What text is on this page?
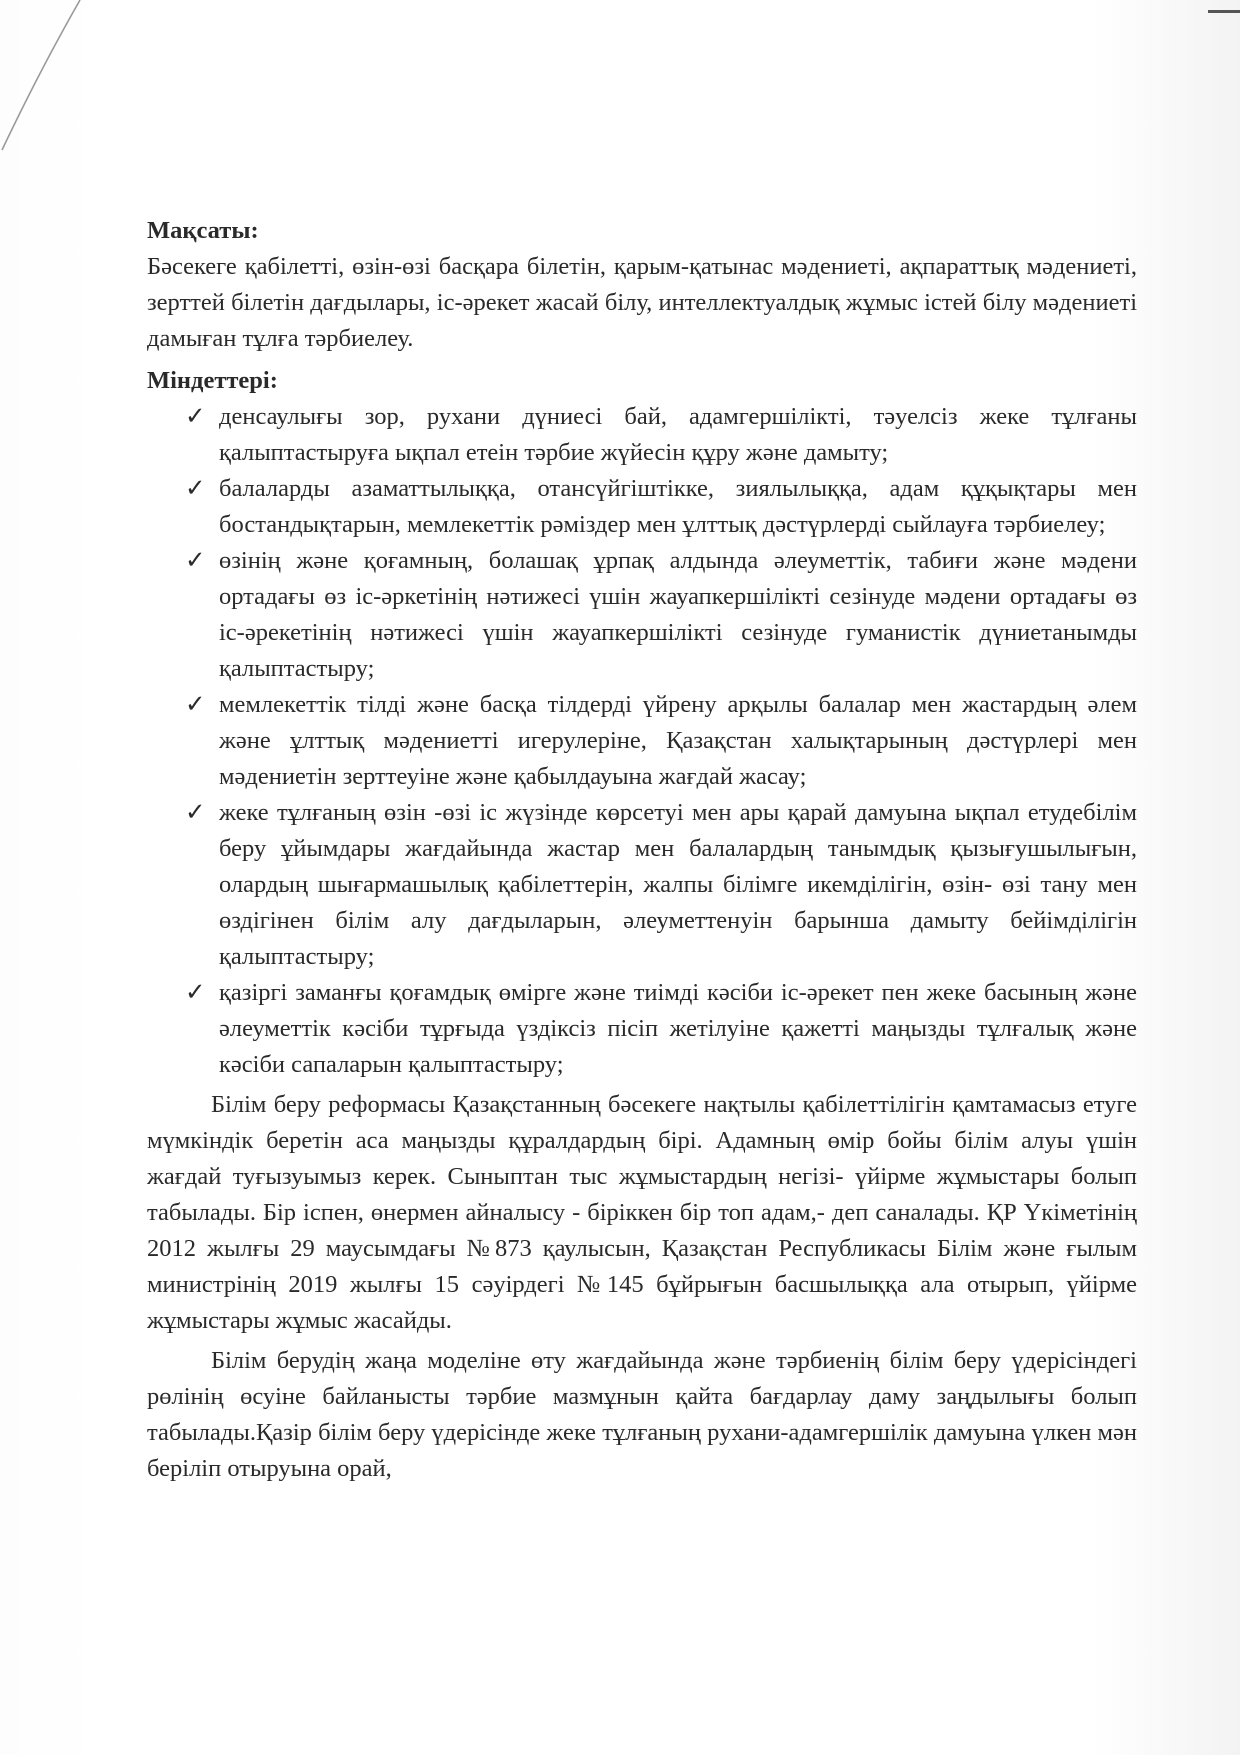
Мақсаты:

Бәсекеге қабілетті, өзін-өзі басқара білетін, қарым-қатынас мәдениеті, ақпараттық мәдениеті, зерттей білетін дағдылары, іс-әрекет жасай білу, интеллектуалдық жұмыс істей білу мәдениеті дамыған тұлға тәрбиелеу.

Міндеттері:

✓ денсаулығы зор, рухани дүниесі бай, адамгершілікті, тәуелсіз жеке тұлғаны қалыптастыруға ықпал етеін тәрбие жүйесін құру және дамыту;
✓ балаларды азаматтылыққа, отансүйгіштікке, зиялылыққа, адам құқықтары мен бостандықтарын, мемлекеттік рәміздер мен ұлттық дәстүрлерді сыйлауға тәрбиелеу;
✓ өзінің және қоғамның, болашақ ұрпақ алдында әлеуметтік, табиғи және мәдени ортадағы өз іс-әркетінің нәтижесі үшін жауапкершілікті сезінуде мәдени ортадағы өз іс-әрекетінің нәтижесі үшін жауапкершілікті сезінуде гуманистік дүниетанымды қалыптастыру;
✓ мемлекеттік тілді және басқа тілдерді үйрену арқылы балалар мен жастардың әлем және ұлттық мәдениетті игерулеріне, Қазақстан халықтарының дәстүрлері мен мәдениетін зерттеуіне және қабылдауына жағдай жасау;
✓ жеке тұлғаның өзін -өзі іс жүзінде көрсетуі мен ары қарай дамуына ықпал етудебілім беру ұйымдары жағдайында жастар мен балалардың танымдық қызығушылығын, олардың шығармашылық қабілеттерін, жалпы білімге икемділігін, өзін- өзі тану мен өздігінен білім алу дағдыларын, әлеуметтенуін барынша дамыту бейімділігін қалыптастыру;
✓ қазіргі заманғы қоғамдық өмірге және тиімді кәсіби іс-әрекет пен жеке басының және әлеуметтік кәсіби тұрғыда үздіксіз пісіп жетілуіне қажетті маңызды тұлғалық және кәсіби сапаларын қалыптастыру;

Білім беру реформасы Қазақстанның бәсекеге нақтылы қабілеттілігін қамтамасыз етуге мүмкіндік беретін аса маңызды құралдардың бірі. Адамның өмір бойы білім алуы үшін жағдай туғызуымыз керек. Сыныптан тыс жұмыстардың негізі- үйірме жұмыстары болып табылады. Бір іспен, өнермен айналысу - біріккен бір топ адам,- деп саналады. ҚР Үкіметінің 2012 жылғы 29 маусымдағы №873 қаулысын, Қазақстан Республикасы Білім және ғылым министрінің 2019 жылғы 15 сәуірдегі №145 бұйрығын басшылыққа ала отырып, үйірме жұмыстары жұмыс жасайды.

Білім берудің жаңа моделіне өту жағдайында және тәрбиенің білім беру үдерісіндегі рөлінің өсуіне байланысты тәрбие мазмұнын қайта бағдарлау даму заңдылығы болып табылады.Қазір білім беру үдерісінде жеке тұлғаның рухани-адамгершілік дамуына үлкен мән беріліп отыруына орай,
